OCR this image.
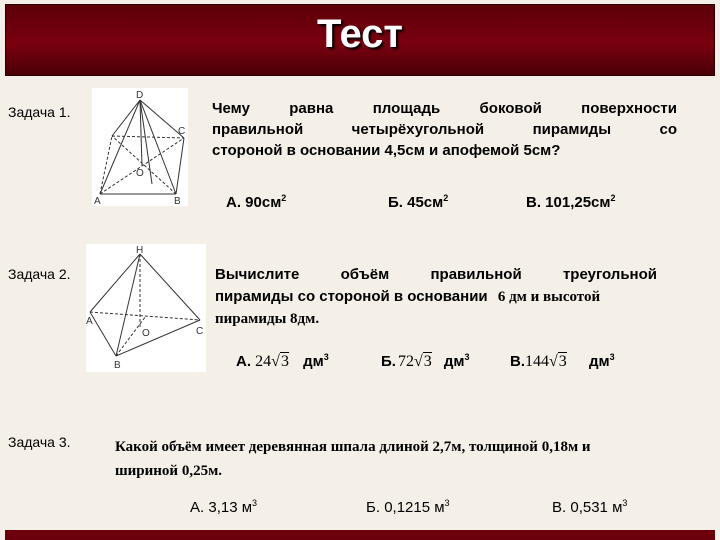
Тест
Задача 1.
D
A	B
C
O
Чему равна площадь боковой поверхности
правильной четырёхугольной пирамиды со
стороной в основании 4,5см и апофемой 5см?
А. $90см^2$	Б. $45см^2$	В. $101,25см^2$
Задача 2.
H
A
B
C
O
Вычислите объём правильной треугольной
пирамиды со стороной в основании 6 дм и высотой
пирамиды 8дм.
А. 24√3 $дм^3$	Б. 72√3 $дм^3$	В.144√3 $дм^3$
Задача 3.	Какой объём имеет деревянная шпала длиной 2,7м, толщиной 0,18м и
шириной 0,25м.
А. 3,13 $м^3$	Б. 0,1215 $м^3$	В. 0,531 $м^3$
